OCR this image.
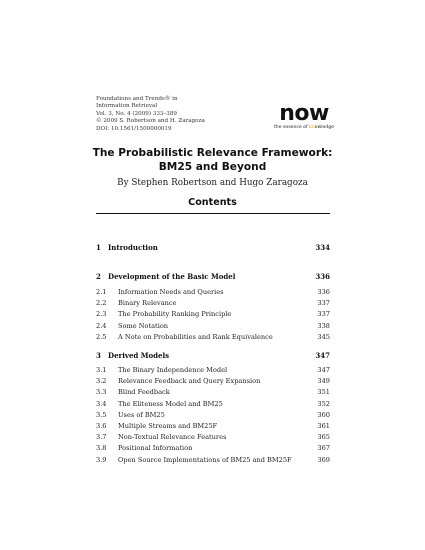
Foundations and Trends® in
Information Retrieval
Vol. 3, No. 4 (2009) 333–389
© 2009 S. Robertson and H. Zaragoza
DOI: 10.1561/1500000019
now
the essence of knowledge
The Probabilistic Relevance Framework:
BM25 and Beyond
By Stephen Robertson and Hugo Zaragoza
Contents
1 Introduction	334
2 Development of the Basic Model	336
2.1 Information Needs and Queries	336
2.2 Binary Relevance	337
2.3 The Probability Ranking Principle	337
2.4 Some Notation	338
2.5 A Note on Probabilities and Rank Equivalence	345
3 Derived Models	347
3.1 The Binary Independence Model	347
3.2 Relevance Feedback and Query Expansion	349
3.3 Blind Feedback	351
3.4 The Eliteness Model and BM25	352
3.5 Uses of BM25	360
3.6 Multiple Streams and BM25F	361
3.7 Non-Textual Relevance Features	365
3.8 Positional Information	367
3.9 Open Source Implementations of BM25 and BM25F	369
